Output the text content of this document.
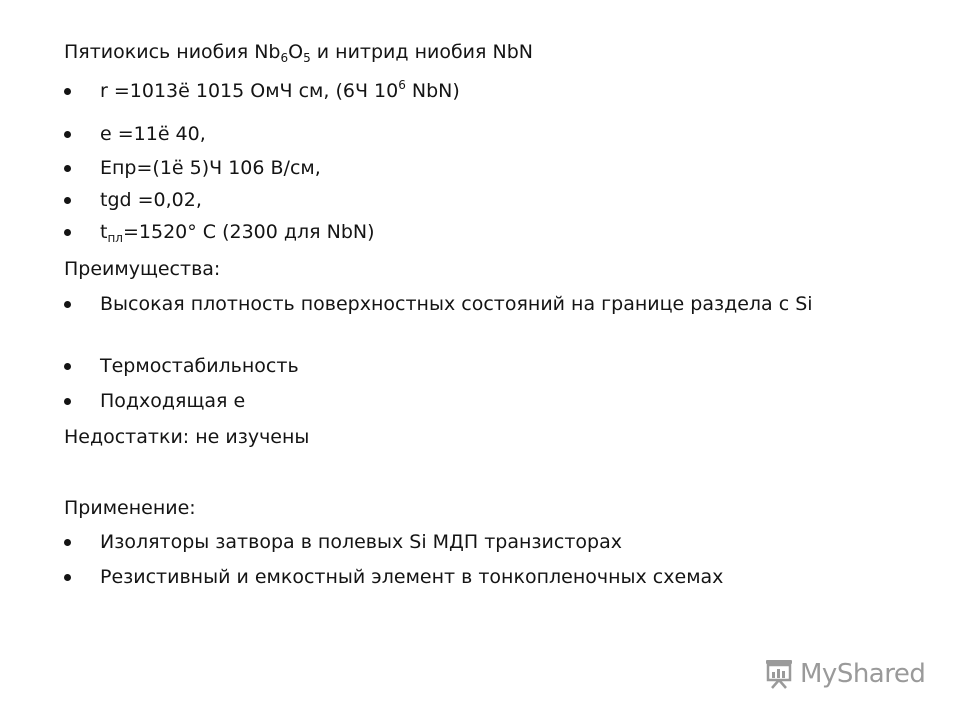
Пятиокись ниобия $Nb_6O_5$ и нитрид ниобия NbN
r =1013ё 1015 ОмЧ см, (6Ч $10^6$ NbN)
e =11ё 40,
Eпр=(1ё 5)Ч 106 В/см,
tgd =0,02,
$t_{пл}=1520^\circ$ С (2300 для NbN)
Преимущества:
Высокая плотность поверхностных состояний на границе раздела с Si
Термостабильность
Подходящая e
Недостатки: не изучены
Применение:
Изоляторы затвора в полевых Si МДП транзисторах
Резистивный и емкостный элемент в тонкопленочных схемах
MyShared
